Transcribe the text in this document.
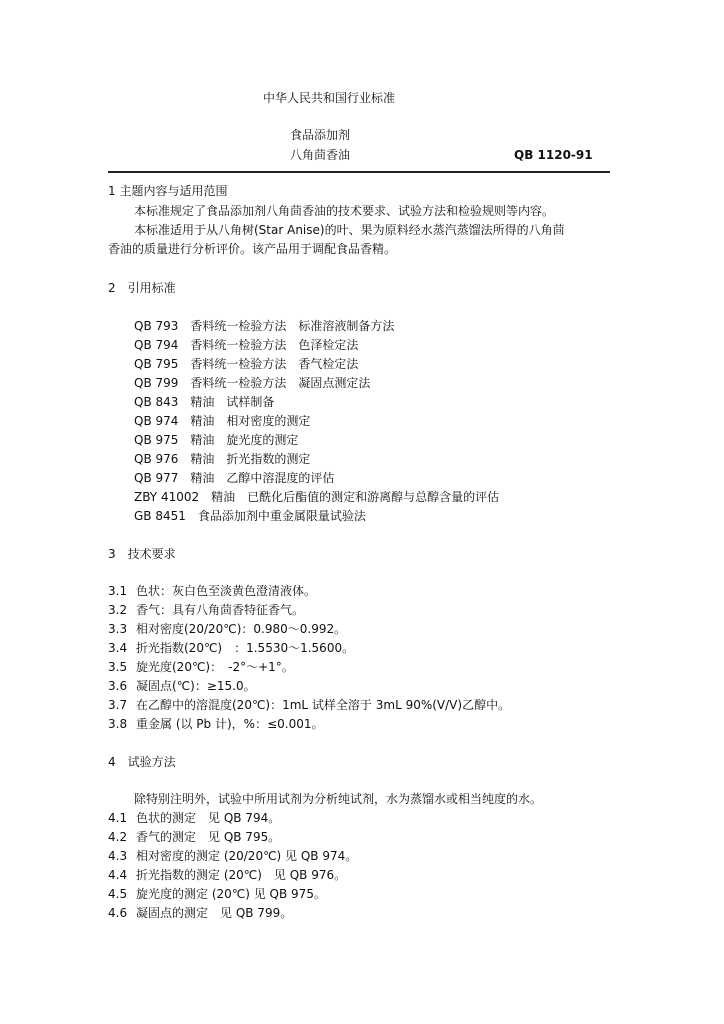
中华人民共和国行业标准
食品添加剂
八角茴香油	QB 1120-91
1 主题内容与适用范围
本标准规定了食品添加剂八角茴香油的技术要求、试验方法和检验规则等内容。
本标准适用于从八角树(Star Anise)的叶、果为原料经水蒸汽蒸馏法所得的八角茴
香油的质量进行分析评价。该产品用于调配食品香精。
2　引用标准
QB 793　香料统一检验方法　标准溶液制备方法
QB 794　香料统一检验方法　色泽检定法
QB 795　香料统一检验方法　香气检定法
QB 799　香料统一检验方法　凝固点测定法
QB 843　精油　试样制备
QB 974　精油　相对密度的测定
QB 975　精油　旋光度的测定
QB 976　精油　折光指数的测定
QB 977　精油　乙醇中溶混度的评估
ZBY 41002　精油　已酰化后酯值的测定和游离醇与总醇含量的评估
GB 8451　食品添加剂中重金属限量试验法
3　技术要求
3.1 色状：灰白色至淡黄色澄清液体。
3.2 香气：具有八角茴香特征香气。
3.3 相对密度(20/20℃)：0.980～0.992。
3.4 折光指数(20℃)　：1.5530～1.5600。
3.5 旋光度(20℃)：　-2°～+1°。
3.6 凝固点(℃)：≥15.0。
3.7 在乙醇中的溶混度(20℃)：1mL 试样全溶于 3mL 90%(V/V)乙醇中。
3.8 重金属 (以 Pb 计)，%：≤0.001。
4　试验方法
除特别注明外，试验中所用试剂为分析纯试剂，水为蒸馏水或相当纯度的水。
4.1 色状的测定　见 QB 794。
4.2 香气的测定　见 QB 795。
4.3 相对密度的测定 (20/20℃) 见 QB 974。
4.4 折光指数的测定 (20℃)　见 QB 976。
4.5 旋光度的测定 (20℃) 见 QB 975。
4.6 凝固点的测定　见 QB 799。
